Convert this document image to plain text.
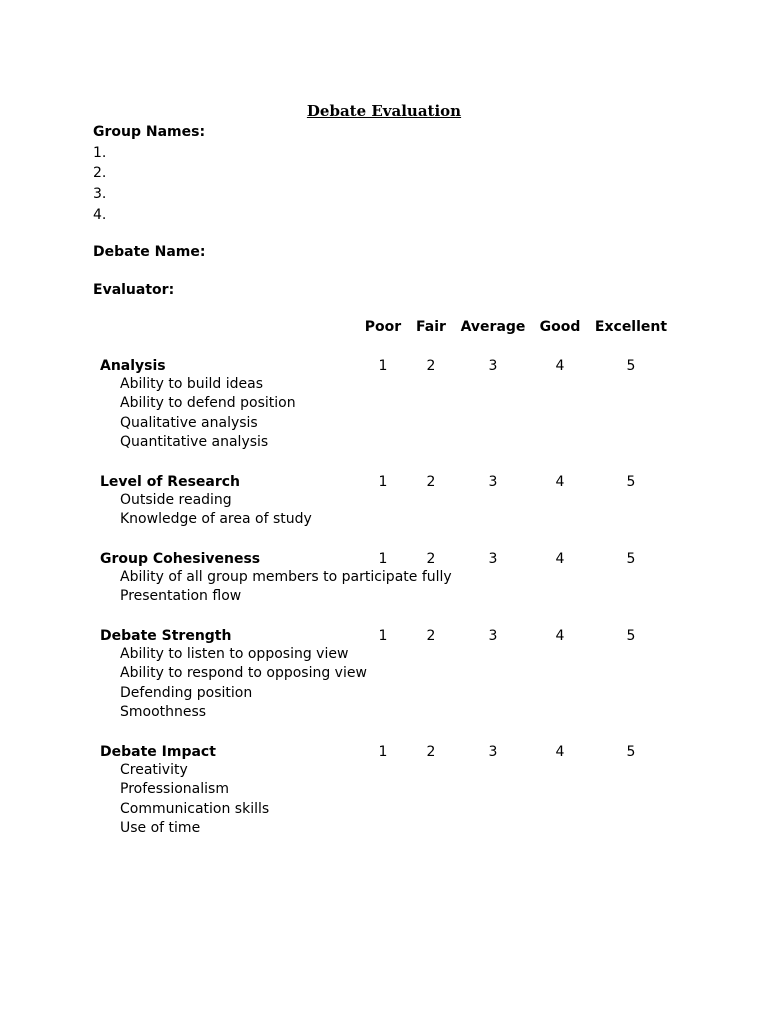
Debate Evaluation
Group Names:
1.
2.
3.
4.
Debate Name:
Evaluator:
Poor	Fair	Average	Good	Excellent
Analysis	1	2	3	4	5
Ability to build ideas
Ability to defend position
Qualitative analysis
Quantitative analysis
Level of Research	1	2	3	4	5
Outside reading
Knowledge of area of study
Group Cohesiveness	1	2	3	4	5
Ability of all group members to participate fully
Presentation flow
Debate Strength	1	2	3	4	5
Ability to listen to opposing view
Ability to respond to opposing view
Defending position
Smoothness
Debate Impact	1	2	3	4	5
Creativity
Professionalism
Communication skills
Use of time
